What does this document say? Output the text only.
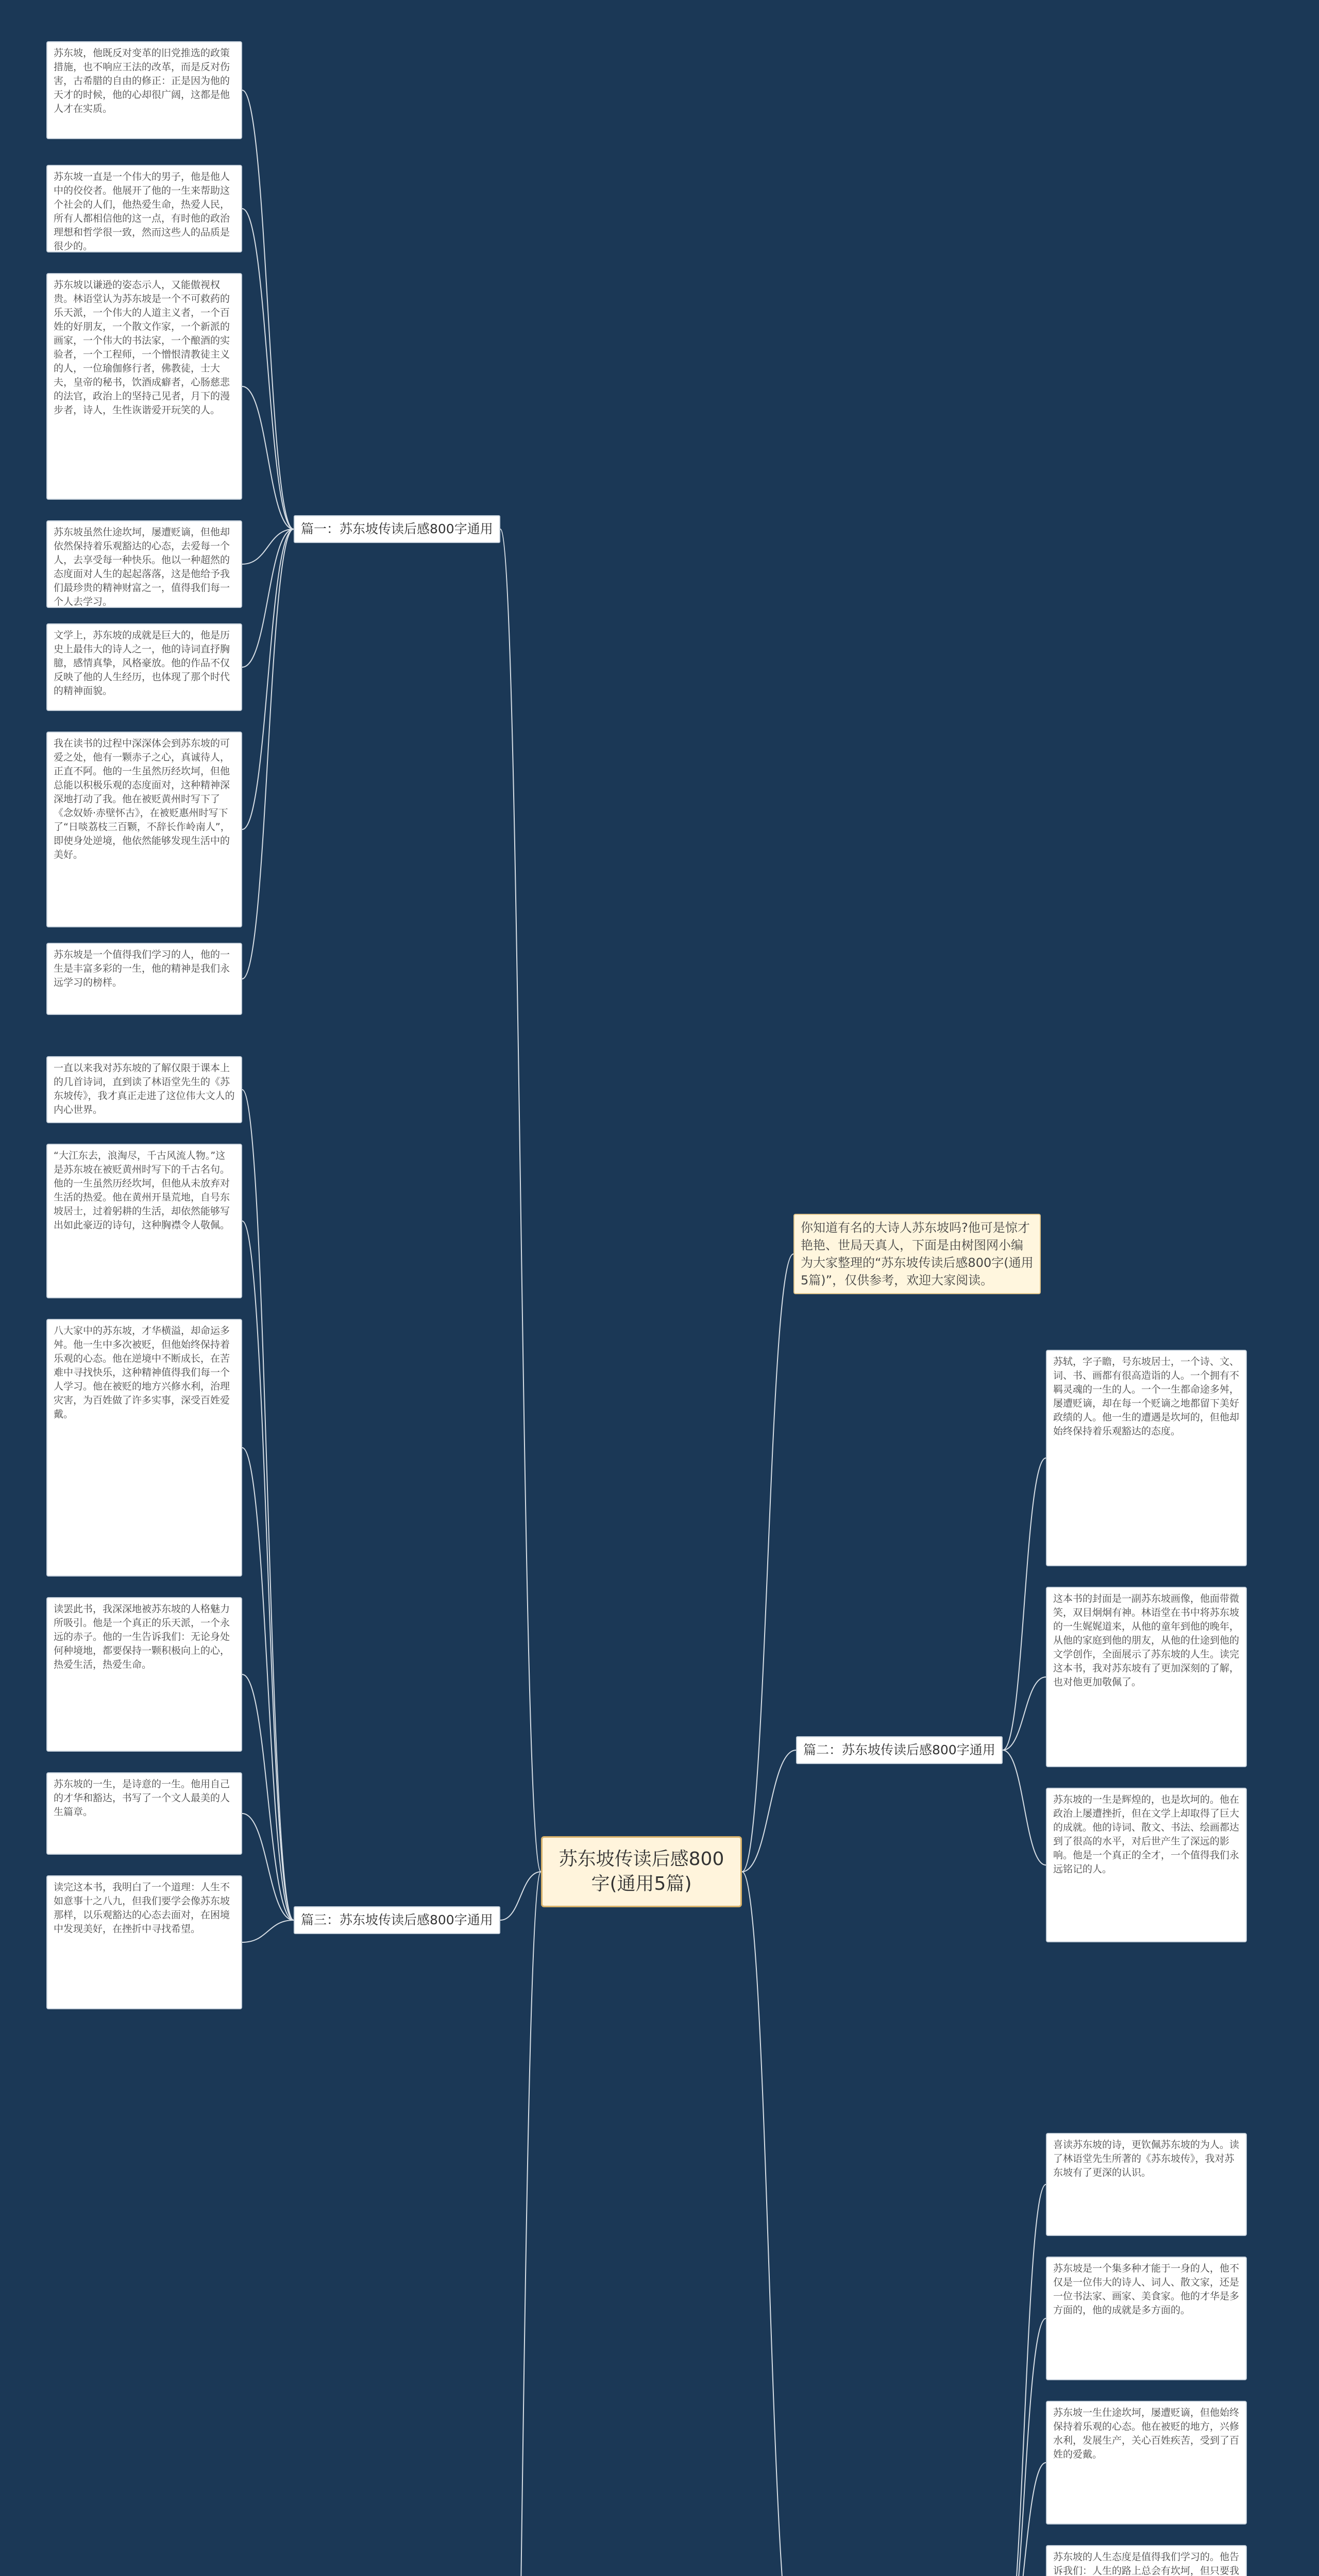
苏东坡传读后感800字(通用5篇)
你知道有名的大诗人苏东坡吗?他可是惊才艳艳、世局天真人，下面是由树图网小编为大家整理的“苏东坡传读后感800字(通用5篇)”，仅供参考，欢迎大家阅读。
篇一：苏东坡传读后感800字通用
篇二：苏东坡传读后感800字通用
篇三：苏东坡传读后感800字通用
苏东坡，他既反对变革的旧党推选的政策措施，也不响应王法的改革，而是反对伤害，古希腊的自由的修正：正是因为他的天才的时候，他的心却很广阔，这都是他人才在实质。
苏东坡一直是一个伟大的男子，他是他人中的佼佼者。他展开了他的一生来帮助这个社会的人们，他热爱生命，热爱人民，所有人都相信他的这一点，有时他的政治理想和哲学很一致，然而这些人的品质是很少的。
苏东坡以谦逊的姿态示人，又能傲视权贵。林语堂认为苏东坡是一个不可救药的乐天派，一个伟大的人道主义者，一个百姓的好朋友，一个散文作家，一个新派的画家，一个伟大的书法家，一个酿酒的实验者，一个工程师，一个憎恨清教徒主义的人，一位瑜伽修行者，佛教徒，士大夫，皇帝的秘书，饮酒成癖者，心肠慈悲的法官，政治上的坚持己见者，月下的漫步者，诗人，生性诙谐爱开玩笑的人。
苏东坡虽然仕途坎坷，屡遭贬谪，但他却依然保持着乐观豁达的心态，去爱每一个人，去享受每一种快乐。他以一种超然的态度面对人生的起起落落，这是他给予我们最珍贵的精神财富之一，值得我们每一个人去学习。
文学上，苏东坡的成就是巨大的，他是历史上最伟大的诗人之一，他的诗词直抒胸臆，感情真挚，风格豪放。他的作品不仅反映了他的人生经历，也体现了那个时代的精神面貌。
我在读书的过程中深深体会到苏东坡的可爱之处，他有一颗赤子之心，真诚待人，正直不阿。他的一生虽然历经坎坷，但他总能以积极乐观的态度面对，这种精神深深地打动了我。他在被贬黄州时写下了《念奴娇·赤壁怀古》，在被贬惠州时写下了“日啖荔枝三百颗，不辞长作岭南人”，即使身处逆境，他依然能够发现生活中的美好。
苏东坡是一个值得我们学习的人，他的一生是丰富多彩的一生，他的精神是我们永远学习的榜样。
苏轼，字子瞻，号东坡居士，一个诗、文、词、书、画都有很高造诣的人。一个拥有不羁灵魂的一生的人。一个一生都命途多舛，屡遭贬谪，却在每一个贬谪之地都留下美好政绩的人。他一生的遭遇是坎坷的，但他却始终保持着乐观豁达的态度。
这本书的封面是一副苏东坡画像，他面带微笑，双目炯炯有神。林语堂在书中将苏东坡的一生娓娓道来，从他的童年到他的晚年，从他的家庭到他的朋友，从他的仕途到他的文学创作，全面展示了苏东坡的人生。读完这本书，我对苏东坡有了更加深刻的了解，也对他更加敬佩了。
苏东坡的一生是辉煌的，也是坎坷的。他在政治上屡遭挫折，但在文学上却取得了巨大的成就。他的诗词、散文、书法、绘画都达到了很高的水平，对后世产生了深远的影响。他是一个真正的全才，一个值得我们永远铭记的人。
一直以来我对苏东坡的了解仅限于课本上的几首诗词，直到读了林语堂先生的《苏东坡传》，我才真正走进了这位伟大文人的内心世界。
“大江东去，浪淘尽，千古风流人物。”这是苏东坡在被贬黄州时写下的千古名句。他的一生虽然历经坎坷，但他从未放弃对生活的热爱。他在黄州开垦荒地，自号东坡居士，过着躬耕的生活，却依然能够写出如此豪迈的诗句，这种胸襟令人敬佩。
八大家中的苏东坡，才华横溢，却命运多舛。他一生中多次被贬，但他始终保持着乐观的心态。他在逆境中不断成长，在苦难中寻找快乐，这种精神值得我们每一个人学习。他在被贬的地方兴修水利，治理灾害，为百姓做了许多实事，深受百姓爱戴。
读罢此书，我深深地被苏东坡的人格魅力所吸引。他是一个真正的乐天派，一个永远的赤子。他的一生告诉我们：无论身处何种境地，都要保持一颗积极向上的心，热爱生活，热爱生命。
苏东坡的一生，是诗意的一生。他用自己的才华和豁达，书写了一个文人最美的人生篇章。
读完这本书，我明白了一个道理：人生不如意事十之八九，但我们要学会像苏东坡那样，以乐观豁达的心态去面对，在困境中发现美好，在挫折中寻找希望。
喜读苏东坡的诗，更钦佩苏东坡的为人。读了林语堂先生所著的《苏东坡传》，我对苏东坡有了更深的认识。
苏东坡是一个集多种才能于一身的人，他不仅是一位伟大的诗人、词人、散文家，还是一位书法家、画家、美食家。他的才华是多方面的，他的成就是多方面的。
苏东坡一生仕途坎坷，屡遭贬谪，但他始终保持着乐观的心态。他在被贬的地方，兴修水利，发展生产，关心百姓疾苦，受到了百姓的爱戴。
苏东坡的人生态度是值得我们学习的。他告诉我们：人生的路上总会有坎坷，但只要我
